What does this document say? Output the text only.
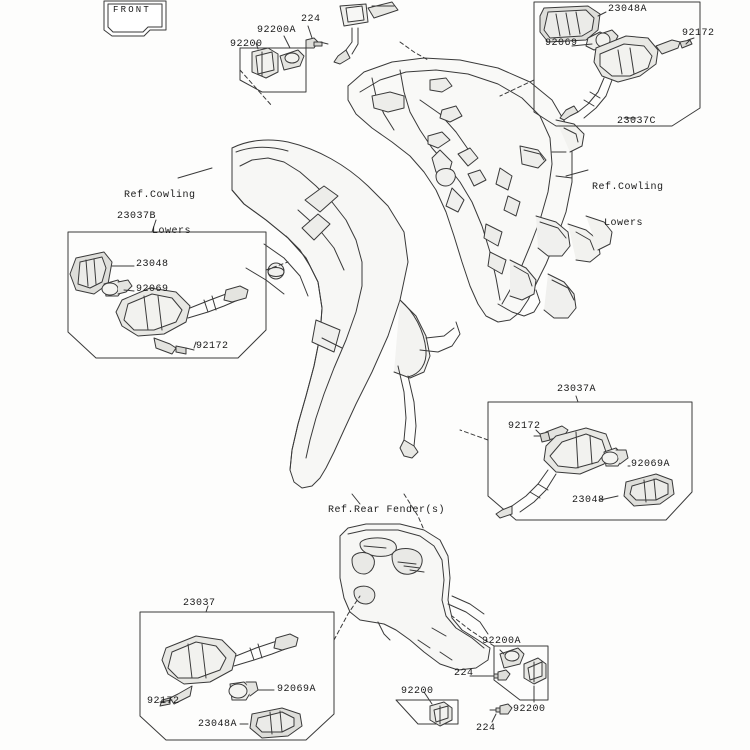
FRONT

Ref.Cowling

Lowers

Ref.Cowling

Lowers

Ref.Rear Fender(s)

23048A
92069
92172
23037C
224
92200A
92200
23037B
23048
92069
92172
23037A
92172
92069A
23048
23037
92172
92069A
23048A
92200A
224
92200
92200
224
